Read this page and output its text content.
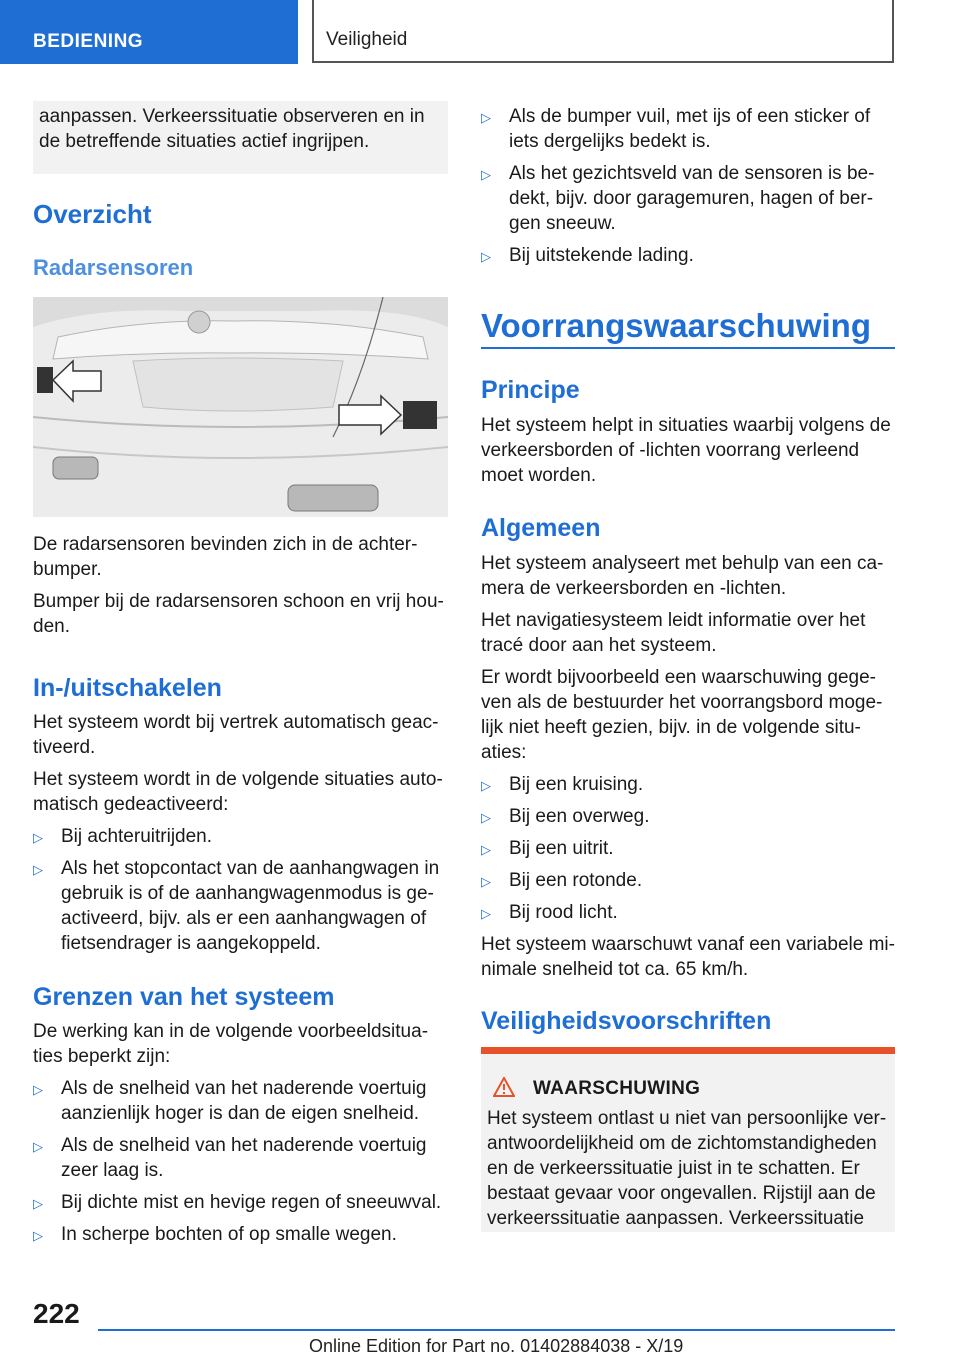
BEDIENING	Veiligheid

aanpassen. Verkeerssituatie observeren en in de betreffende situaties actief ingrijpen.

Overzicht
Radarsensoren

De radarsensoren bevinden zich in de achter-bumper.

Bumper bij de radarsensoren schoon en vrij hou-den.

In-/uitschakelen

Het systeem wordt bij vertrek automatisch geac-tiveerd.

Het systeem wordt in de volgende situaties auto-matisch gedeactiveerd:

▷ Bij achteruitrijden.
▷ Als het stopcontact van de aanhangwagen in gebruik is of de aanhangwagenmodus is ge-activeerd, bijv. als er een aanhangwagen of fietsendrager is aangekoppeld.
Grenzen van het systeem

De werking kan in de volgende voorbeeldsitua-ties beperkt zijn:

▷ Als de snelheid van het naderende voertuig aanzienlijk hoger is dan de eigen snelheid.
▷ Als de snelheid van het naderende voertuig zeer laag is.
▷ Bij dichte mist en hevige regen of sneeuwval.
▷ In scherpe bochten of op smalle wegen.
▷ Als de bumper vuil, met ijs of een sticker of iets dergelijks bedekt is.
▷ Als het gezichtsveld van de sensoren is be-dekt, bijv. door garagemuren, hagen of ber-gen sneeuw.
▷ Bij uitstekende lading.
Voorrangswaarschuwing
Principe

Het systeem helpt in situaties waarbij volgens de verkeersborden of -lichten voorrang verleend moet worden.

Algemeen

Het systeem analyseert met behulp van een ca-mera de verkeersborden en -lichten.

Het navigatiesysteem leidt informatie over het tracé door aan het systeem.

Er wordt bijvoorbeeld een waarschuwing gege-ven als de bestuurder het voorrangsbord moge-lijk niet heeft gezien, bijv. in de volgende situ-aties:

▷ Bij een kruising.
▷ Bij een overweg.
▷ Bij een uitrit.
▷ Bij een rotonde.
▷ Bij rood licht.

Het systeem waarschuwt vanaf een variabele mi-nimale snelheid tot ca. 65 km/h.

Veiligheidsvoorschriften
WAARSCHUWING

Het systeem ontlast u niet van persoonlijke ver-antwoordelijkheid om de zichtomstandigheden en de verkeerssituatie juist in te schatten. Er bestaat gevaar voor ongevallen. Rijstijl aan de verkeerssituatie aanpassen. Verkeerssituatie

222
Online Edition for Part no. 01402884038 - X/19
